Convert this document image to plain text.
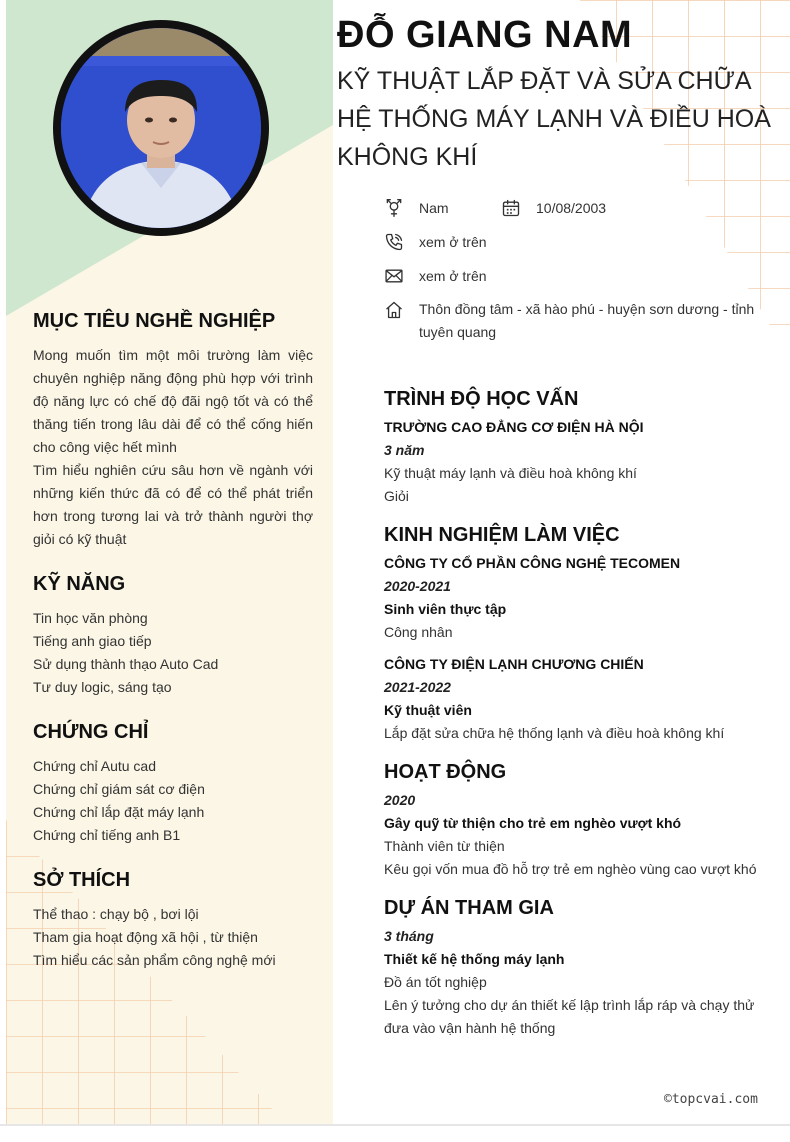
ĐỖ GIANG NAM
KỸ THUẬT LẮP ĐẶT VÀ SỬA CHỮA HỆ THỐNG MÁY LẠNH VÀ ĐIỀU HOÀ KHÔNG KHÍ
Nam	10/08/2003
xem ở trên
xem ở trên
Thôn đồng tâm - xã hào phú - huyện sơn dương - tỉnh tuyên quang
MỤC TIÊU NGHỀ NGHIỆP
Mong muốn tìm một môi trường làm việc chuyên nghiệp năng động phù hợp với trình độ năng lực có chế độ đãi ngộ tốt và có thể thăng tiến trong lâu dài để có thể cống hiến cho công việc hết mình
Tìm hiểu nghiên cứu sâu hơn về ngành với những kiến thức đã có để có thể phát triển hơn trong tương lai và trở thành người thợ giỏi có kỹ thuật
KỸ NĂNG
Tin học văn phòng
Tiếng anh giao tiếp
Sử dụng thành thạo Auto Cad
Tư duy logic, sáng tạo
CHỨNG CHỈ
Chứng chỉ Autu cad
Chứng chỉ giám sát cơ điện
Chứng chỉ lắp đặt máy lạnh
Chứng chỉ tiếng anh B1
SỞ THÍCH
Thể thao : chạy bộ , bơi lội
Tham gia hoạt động xã hội , từ thiện
Tìm hiểu các sản phẩm công nghệ mới
TRÌNH ĐỘ HỌC VẤN
TRƯỜNG CAO ĐẲNG CƠ ĐIỆN HÀ NỘI
3 năm
Kỹ thuật máy lạnh và điều hoà không khí
Giỏi
KINH NGHIỆM LÀM VIỆC
CÔNG TY CỔ PHẦN CÔNG NGHỆ TECOMEN
2020-2021
Sinh viên thực tập
Công nhân
CÔNG TY ĐIỆN LẠNH CHƯƠNG CHIẾN
2021-2022
Kỹ thuật viên
Lắp đặt sửa chữa hệ thống lạnh và điều hoà không khí
HOẠT ĐỘNG
2020
Gây quỹ từ thiện cho trẻ em nghèo vượt khó
Thành viên từ thiện
Kêu gọi vốn mua đồ hỗ trợ trẻ em nghèo vùng cao vượt khó
DỰ ÁN THAM GIA
3 tháng
Thiết kế hệ thống máy lạnh
Đồ án tốt nghiệp
Lên ý tưởng cho dự án thiết kế lập trình lắp ráp và chạy thử đưa vào vận hành hệ thống
©topcvai.com
